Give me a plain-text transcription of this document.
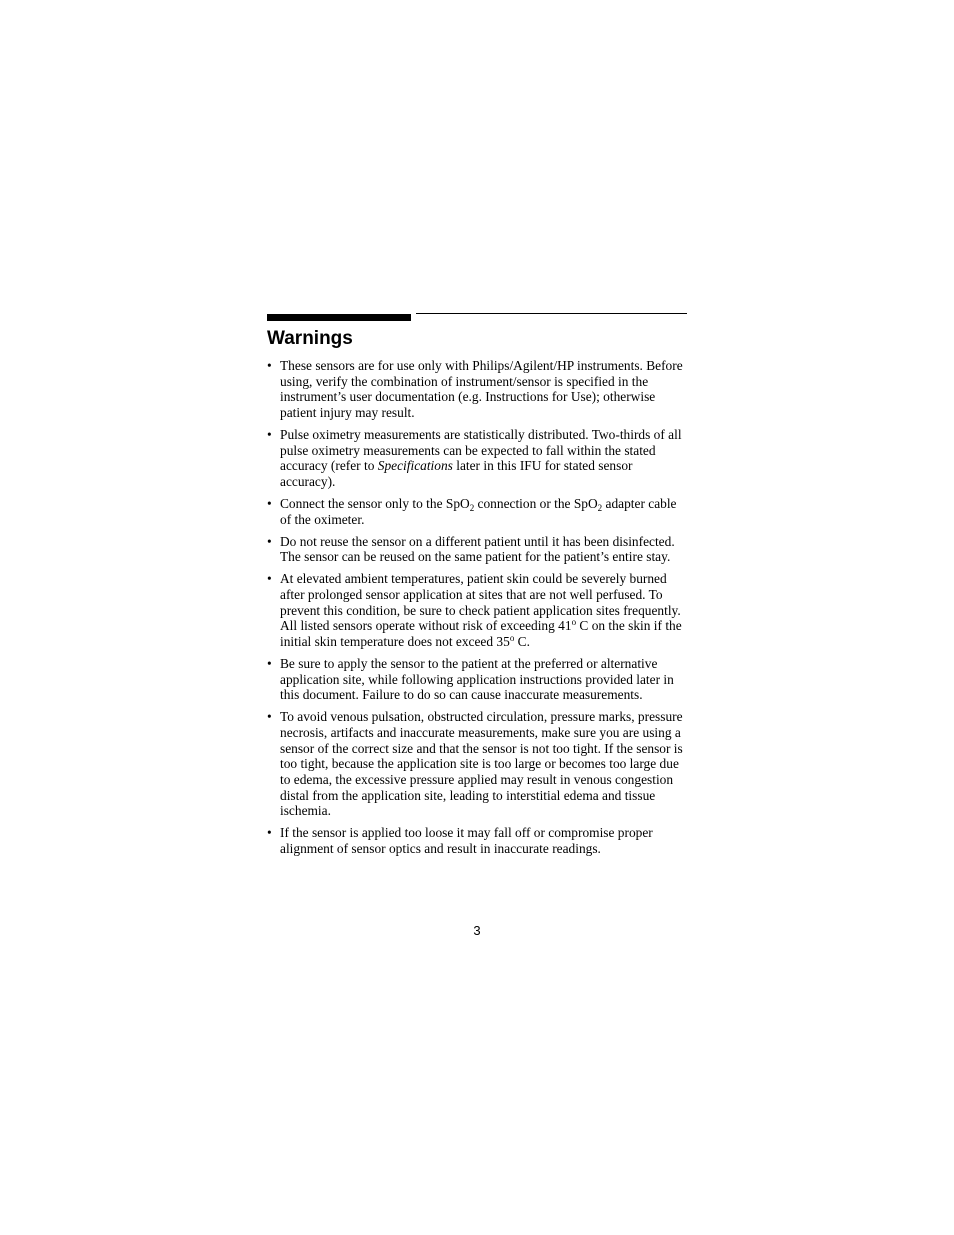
Warnings
• These sensors are for use only with Philips/Agilent/HP instruments. Before using, verify the combination of instrument/sensor is specified in the instrument’s user documentation (e.g. Instructions for Use); otherwise patient injury may result.
• Pulse oximetry measurements are statistically distributed. Two-thirds of all pulse oximetry measurements can be expected to fall within the stated accuracy (refer to Specifications later in this IFU for stated sensor accuracy).
• Connect the sensor only to the SpO$_2$ connection or the SpO$_2$ adapter cable of the oximeter.
• Do not reuse the sensor on a different patient until it has been disinfected. The sensor can be reused on the same patient for the patient’s entire stay.
• At elevated ambient temperatures, patient skin could be severely burned after prolonged sensor application at sites that are not well perfused. To prevent this condition, be sure to check patient application sites frequently. All listed sensors operate without risk of exceeding 41$^o$ C on the skin if the initial skin temperature does not exceed 35$^o$ C.
• Be sure to apply the sensor to the patient at the preferred or alternative application site, while following application instructions provided later in this document. Failure to do so can cause inaccurate measurements.
• To avoid venous pulsation, obstructed circulation, pressure marks, pressure necrosis, artifacts and inaccurate measurements, make sure you are using a sensor of the correct size and that the sensor is not too tight. If the sensor is too tight, because the application site is too large or becomes too large due to edema, the excessive pressure applied may result in venous congestion distal from the application site, leading to interstitial edema and tissue ischemia.
• If the sensor is applied too loose it may fall off or compromise proper alignment of sensor optics and result in inaccurate readings.
3
